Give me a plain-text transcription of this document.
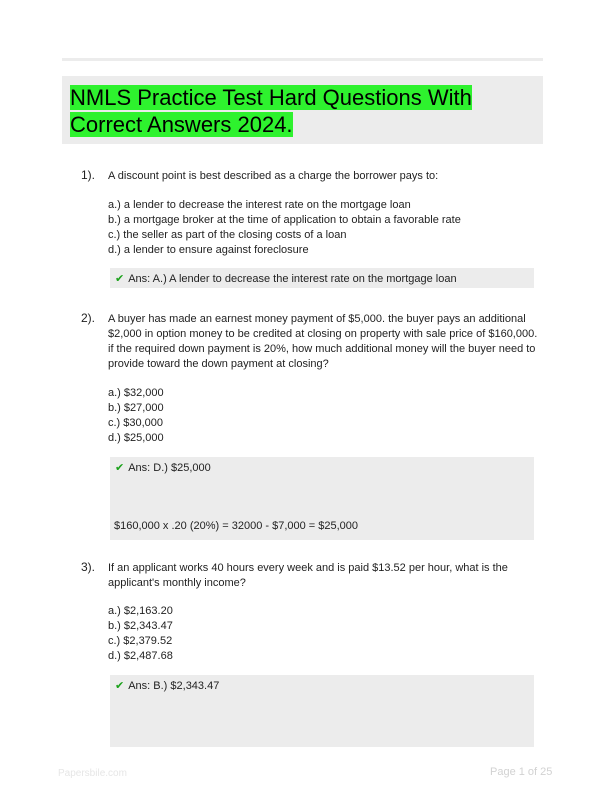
NMLS Practice Test Hard Questions With Correct Answers 2024.
1). A discount point is best described as a charge the borrower pays to:
a.) a lender to decrease the interest rate on the mortgage loan
b.) a mortgage broker at the time of application to obtain a favorable rate
c.) the seller as part of the closing costs of a loan
d.) a lender to ensure against foreclosure
✔ Ans: A.) A lender to decrease the interest rate on the mortgage loan
2). A buyer has made an earnest money payment of $5,000. the buyer pays an additional $2,000 in option money to be credited at closing on property with sale price of $160,000. if the required down payment is 20%, how much additional money will the buyer need to provide toward the down payment at closing?
a.) $32,000
b.) $27,000
c.) $30,000
d.) $25,000
✔ Ans: D.) $25,000
$160,000 x .20 (20%) = 32000 - $7,000 = $25,000
3). If an applicant works 40 hours every week and is paid $13.52 per hour, what is the applicant's monthly income?
a.) $2,163.20
b.) $2,343.47
c.) $2,379.52
d.) $2,487.68
✔ Ans: B.) $2,343.47
Papersbile.com	Page 1 of 25
